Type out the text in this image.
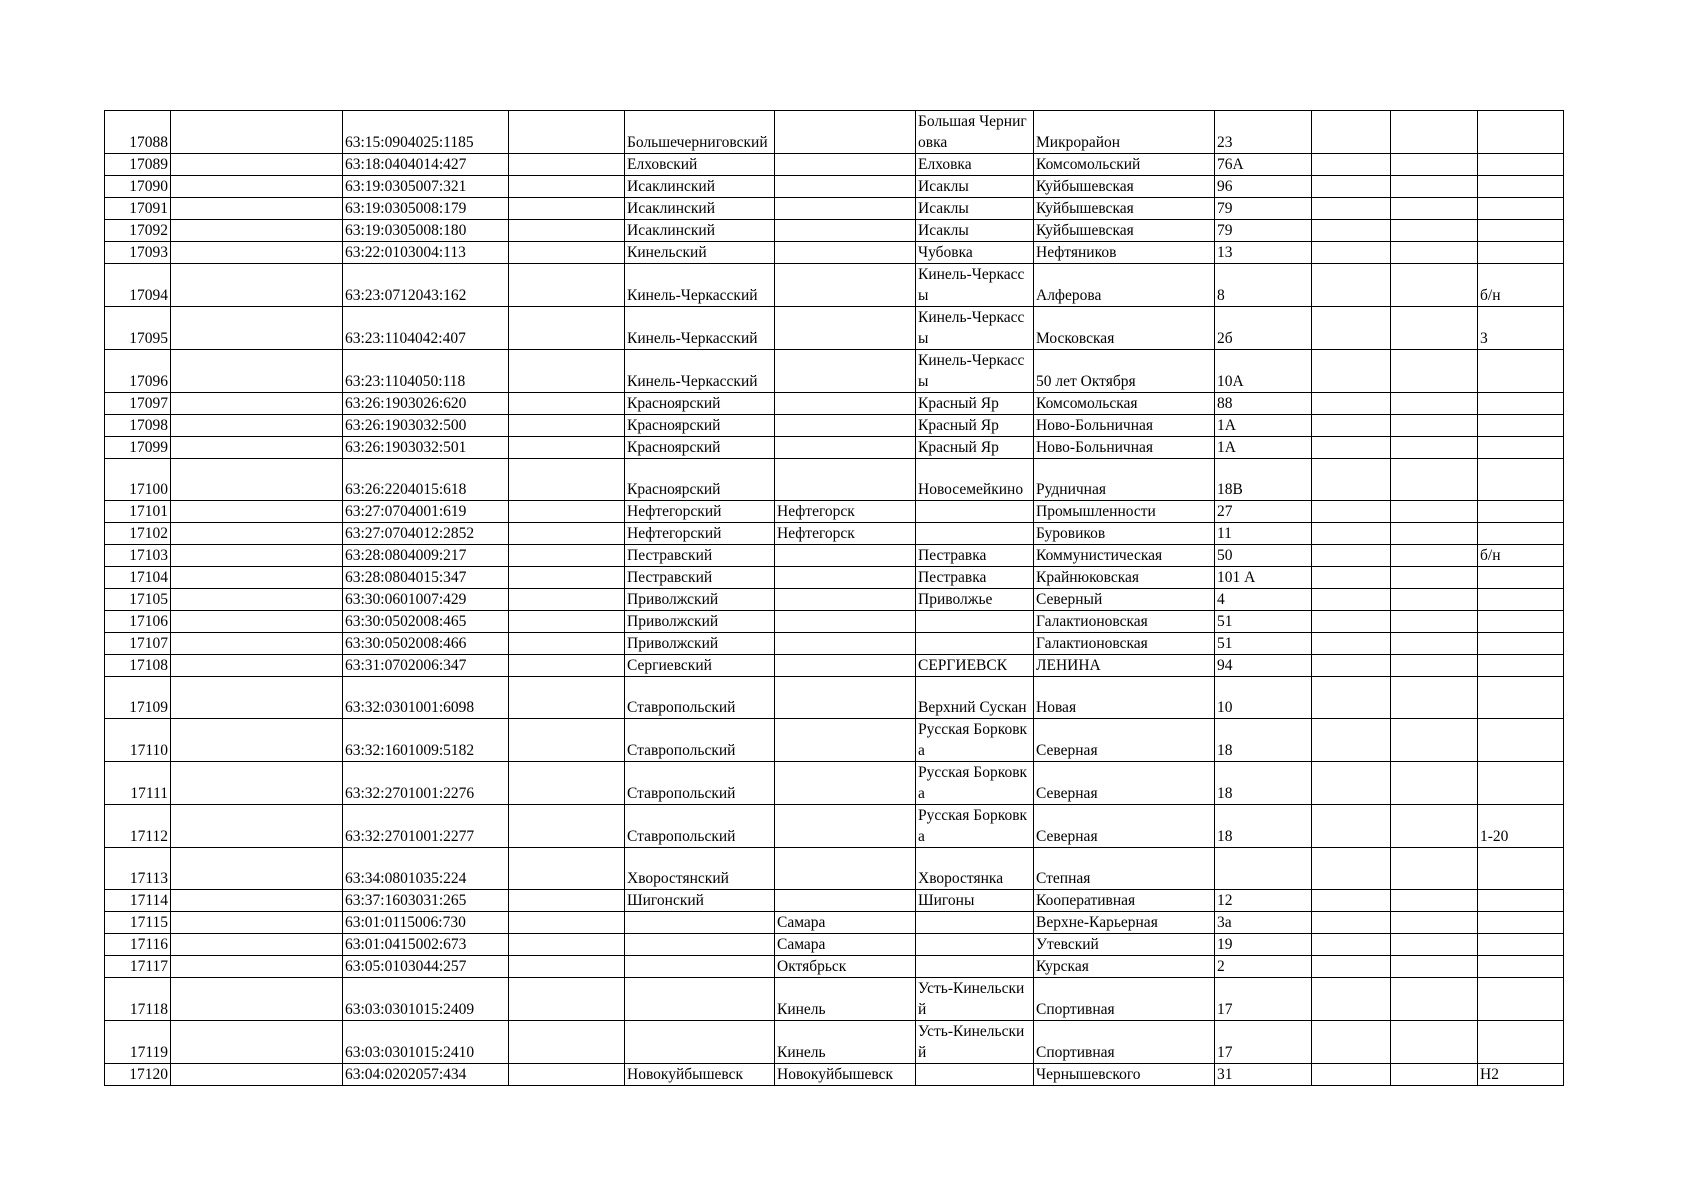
17088		63:15:0904025:1185		Большечерниговский		Большая Черниговка	Микрорайон	23			
17089		63:18:0404014:427		Елховский		Елховка	Комсомольский	76А			
17090		63:19:0305007:321		Исаклинский		Исаклы	Куйбышевская	96			
17091		63:19:0305008:179		Исаклинский		Исаклы	Куйбышевская	79			
17092		63:19:0305008:180		Исаклинский		Исаклы	Куйбышевская	79			
17093		63:22:0103004:113		Кинельский		Чубовка	Нефтяников	13			
17094		63:23:0712043:162		Кинель-Черкасский		Кинель-Черкассы	Алферова	8			б/н
17095		63:23:1104042:407		Кинель-Черкасский		Кинель-Черкассы	Московская	2б			3
17096		63:23:1104050:118		Кинель-Черкасский		Кинель-Черкассы	50 лет Октября	10А			
17097		63:26:1903026:620		Красноярский		Красный Яр	Комсомольская	88			
17098		63:26:1903032:500		Красноярский		Красный Яр	Ново-Больничная	1А			
17099		63:26:1903032:501		Красноярский		Красный Яр	Ново-Больничная	1А			
17100		63:26:2204015:618		Красноярский		Новосемейкино	Рудничная	18В			
17101		63:27:0704001:619		Нефтегорский	Нефтегорск		Промышленности	27			
17102		63:27:0704012:2852		Нефтегорский	Нефтегорск		Буровиков	11			
17103		63:28:0804009:217		Пестравский		Пестравка	Коммунистическая	50			б/н
17104		63:28:0804015:347		Пестравский		Пестравка	Крайнюковская	101 А			
17105		63:30:0601007:429		Приволжский		Приволжье	Северный	4			
17106		63:30:0502008:465		Приволжский			Галактионовская	51			
17107		63:30:0502008:466		Приволжский			Галактионовская	51			
17108		63:31:0702006:347		Сергиевский		СЕРГИЕВСК	ЛЕНИНА	94			
17109		63:32:0301001:6098		Ставропольский		Верхний Сускан	Новая	10			
17110		63:32:1601009:5182		Ставропольский		Русская Борковка	Северная	18			
17111		63:32:2701001:2276		Ставропольский		Русская Борковка	Северная	18			
17112		63:32:2701001:2277		Ставропольский		Русская Борковка	Северная	18			1-20
17113		63:34:0801035:224		Хворостянский		Хворостянка	Степная				
17114		63:37:1603031:265		Шигонский		Шигоны	Кооперативная	12			
17115		63:01:0115006:730			Самара		Верхне-Карьерная	3а			
17116		63:01:0415002:673			Самара		Утевский	19			
17117		63:05:0103044:257			Октябрьск		Курская	2			
17118		63:03:0301015:2409			Кинель	Усть-Кинельский	Спортивная	17			
17119		63:03:0301015:2410			Кинель	Усть-Кинельский	Спортивная	17			
17120		63:04:0202057:434		Новокуйбышевск	Новокуйбышевск		Чернышевского	31			Н2
